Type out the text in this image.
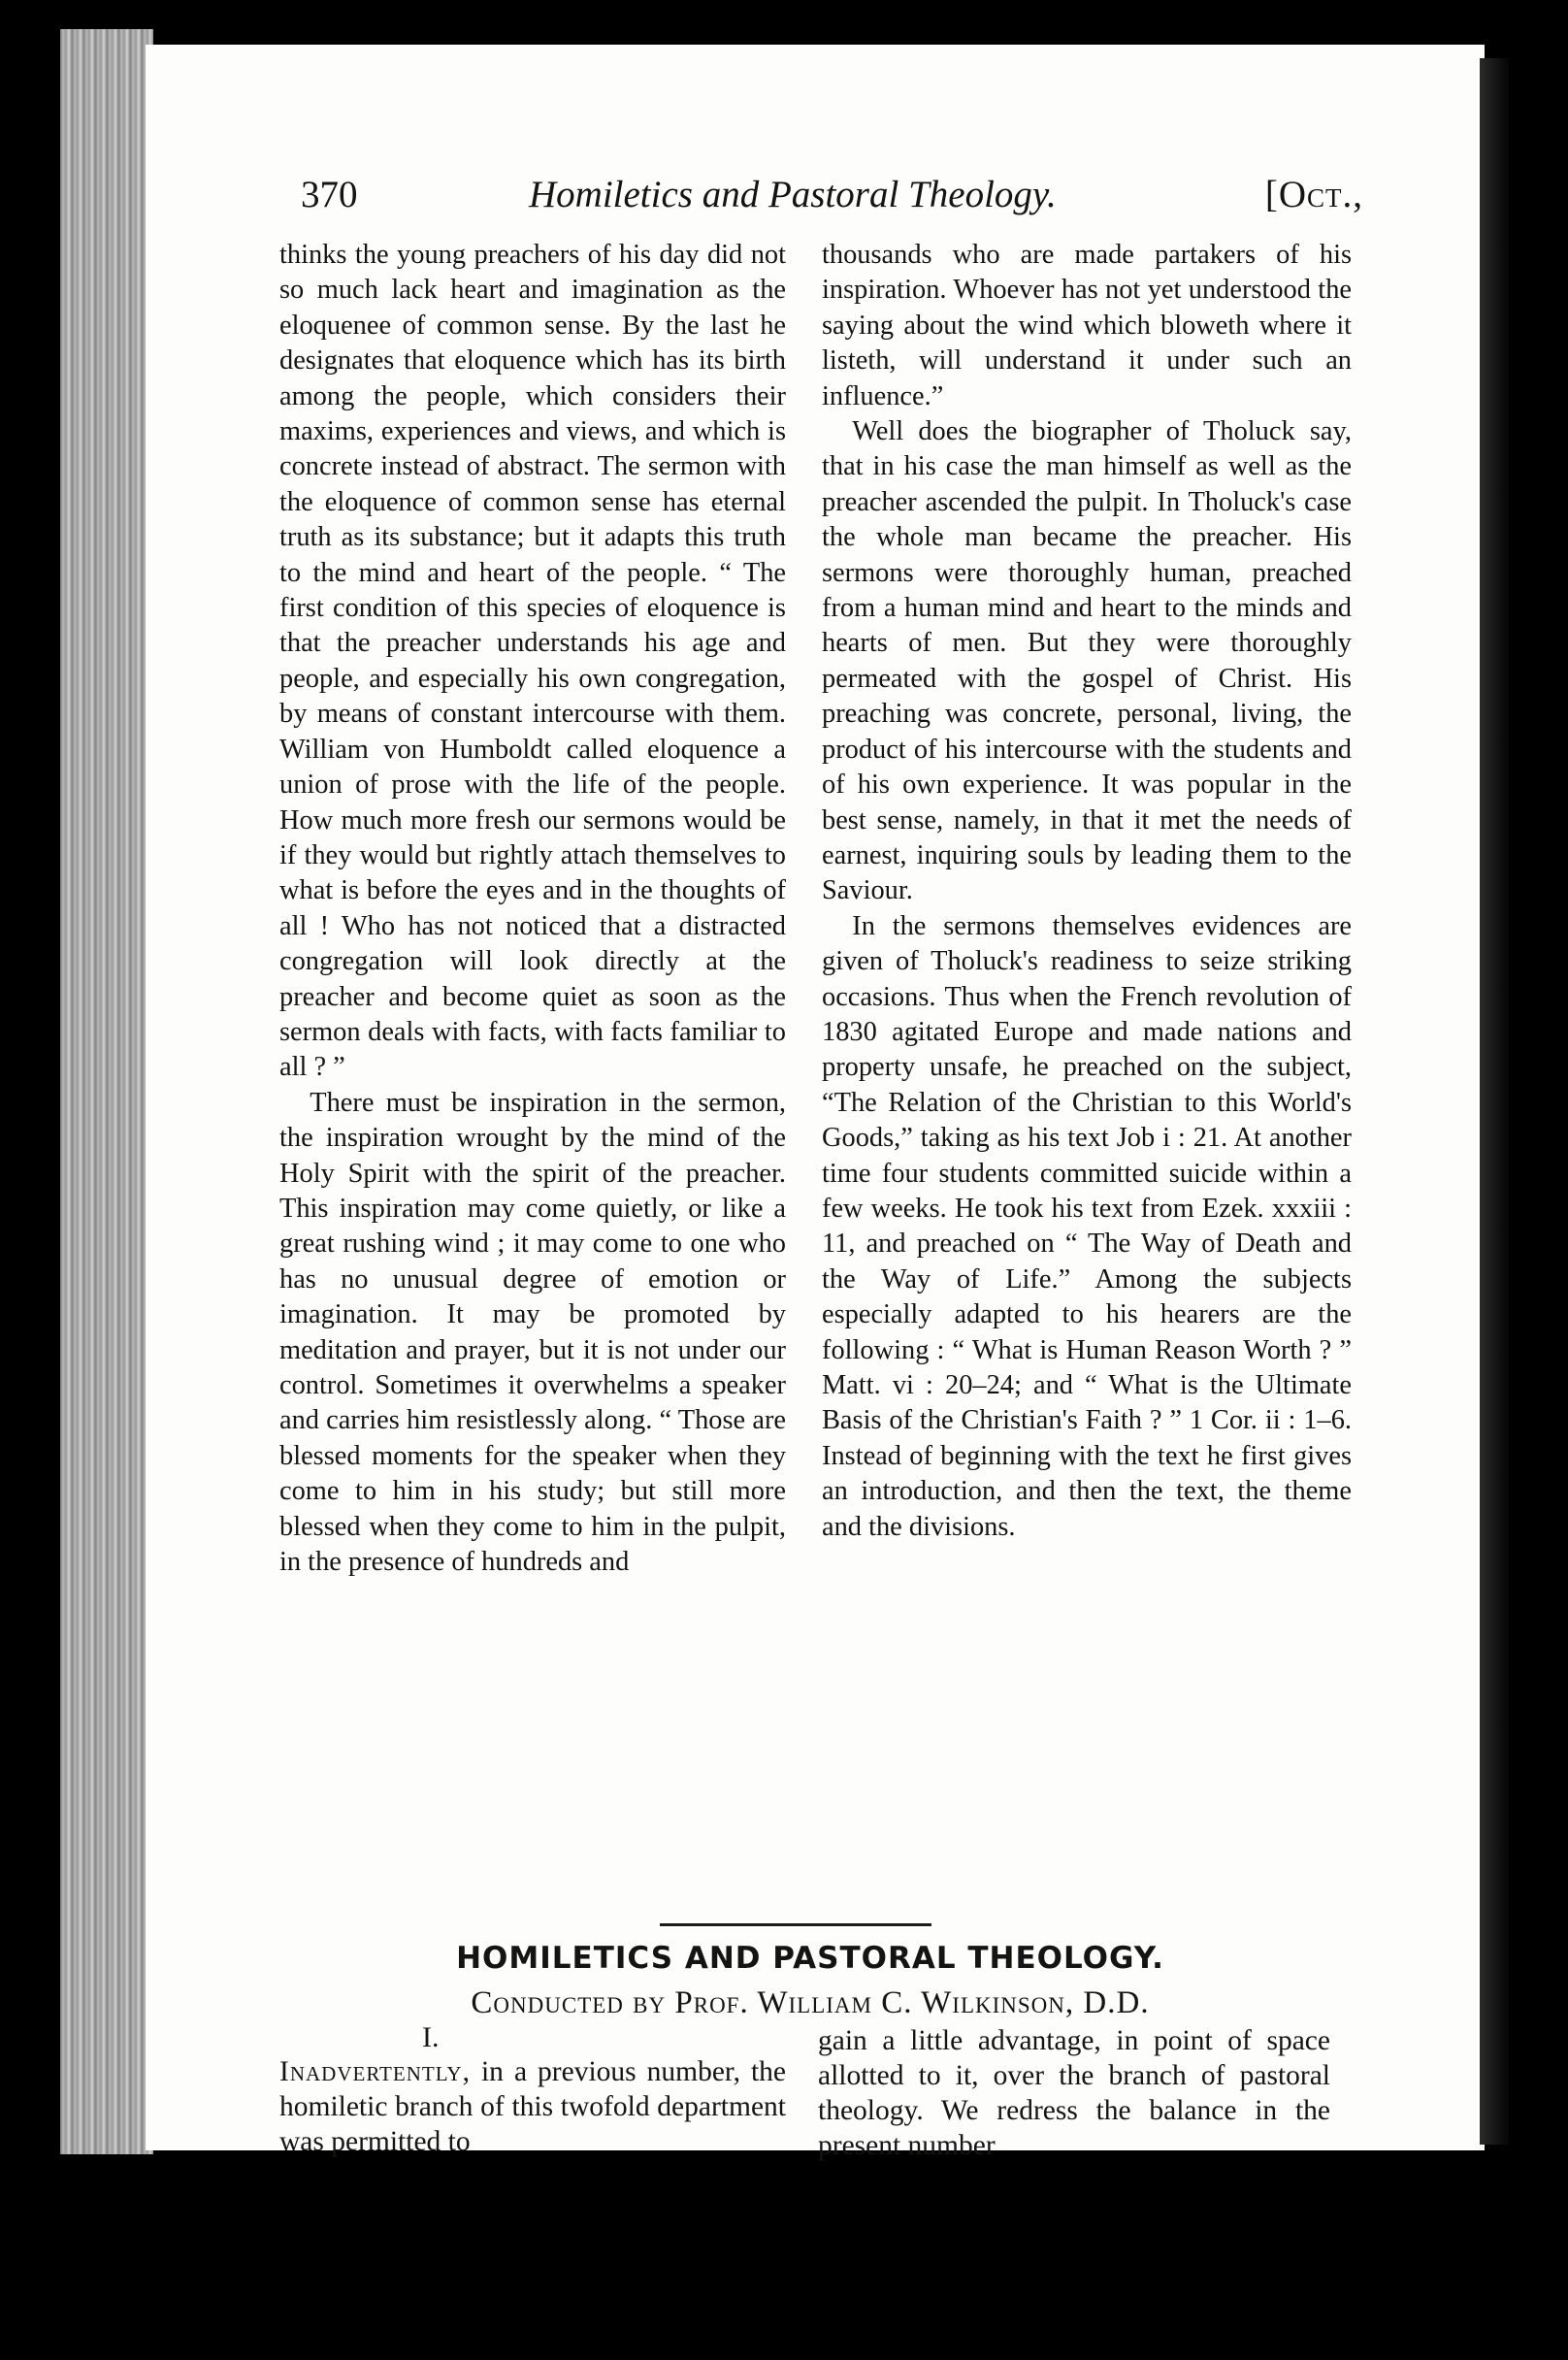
370	Homiletics and Pastoral Theology.	[Oct.,

thinks the young preachers of his day did not so much lack heart and imagination as the eloquenee of common sense. By the last he designates that eloquence which has its birth among the people, which considers their maxims, experiences and views, and which is concrete instead of abstract. The sermon with the eloquence of common sense has eternal truth as its substance; but it adapts this truth to the mind and heart of the people. “ The first condition of this species of eloquence is that the preacher understands his age and people, and especially his own congregation, by means of constant intercourse with them. William von Humboldt called eloquence a union of prose with the life of the people. How much more fresh our sermons would be if they would but rightly attach themselves to what is before the eyes and in the thoughts of all ! Who has not noticed that a distracted congregation will look directly at the preacher and become quiet as soon as the sermon deals with facts, with facts familiar to all ? ”

There must be inspiration in the sermon, the inspiration wrought by the mind of the Holy Spirit with the spirit of the preacher. This inspiration may come quietly, or like a great rushing wind ; it may come to one who has no unusual degree of emotion or imagination. It may be promoted by meditation and prayer, but it is not under our control. Sometimes it overwhelms a speaker and carries him resistlessly along. “ Those are blessed moments for the speaker when they come to him in his study; but still more blessed when they come to him in the pulpit, in the presence of hundreds and

thousands who are made partakers of his inspiration. Whoever has not yet understood the saying about the wind which bloweth where it listeth, will understand it under such an influence.”

Well does the biographer of Tholuck say, that in his case the man himself as well as the preacher ascended the pulpit. In Tholuck's case the whole man became the preacher. His sermons were thoroughly human, preached from a human mind and heart to the minds and hearts of men. But they were thoroughly permeated with the gospel of Christ. His preaching was concrete, personal, living, the product of his intercourse with the students and of his own experience. It was popular in the best sense, namely, in that it met the needs of earnest, inquiring souls by leading them to the Saviour.

In the sermons themselves evidences are given of Tholuck's readiness to seize striking occasions. Thus when the French revolution of 1830 agitated Europe and made nations and property unsafe, he preached on the subject, “The Relation of the Christian to this World's Goods,” taking as his text Job i : 21. At another time four students committed suicide within a few weeks. He took his text from Ezek. xxxiii : 11, and preached on “ The Way of Death and the Way of Life.” Among the subjects especially adapted to his hearers are the following : “ What is Human Reason Worth ? ” Matt. vi : 20–24; and “ What is the Ultimate Basis of the Christian's Faith ? ” 1 Cor. ii : 1–6. Instead of beginning with the text he first gives an introduction, and then the text, the theme and the divisions.

HOMILETICS AND PASTORAL THEOLOGY.
Conducted by Prof. William C. Wilkinson, D.D.
I.

Inadvertently, in a previous number, the homiletic branch of this twofold department was permitted to

gain a little advantage, in point of space allotted to it, over the branch of pastoral theology. We redress the balance in the present number
